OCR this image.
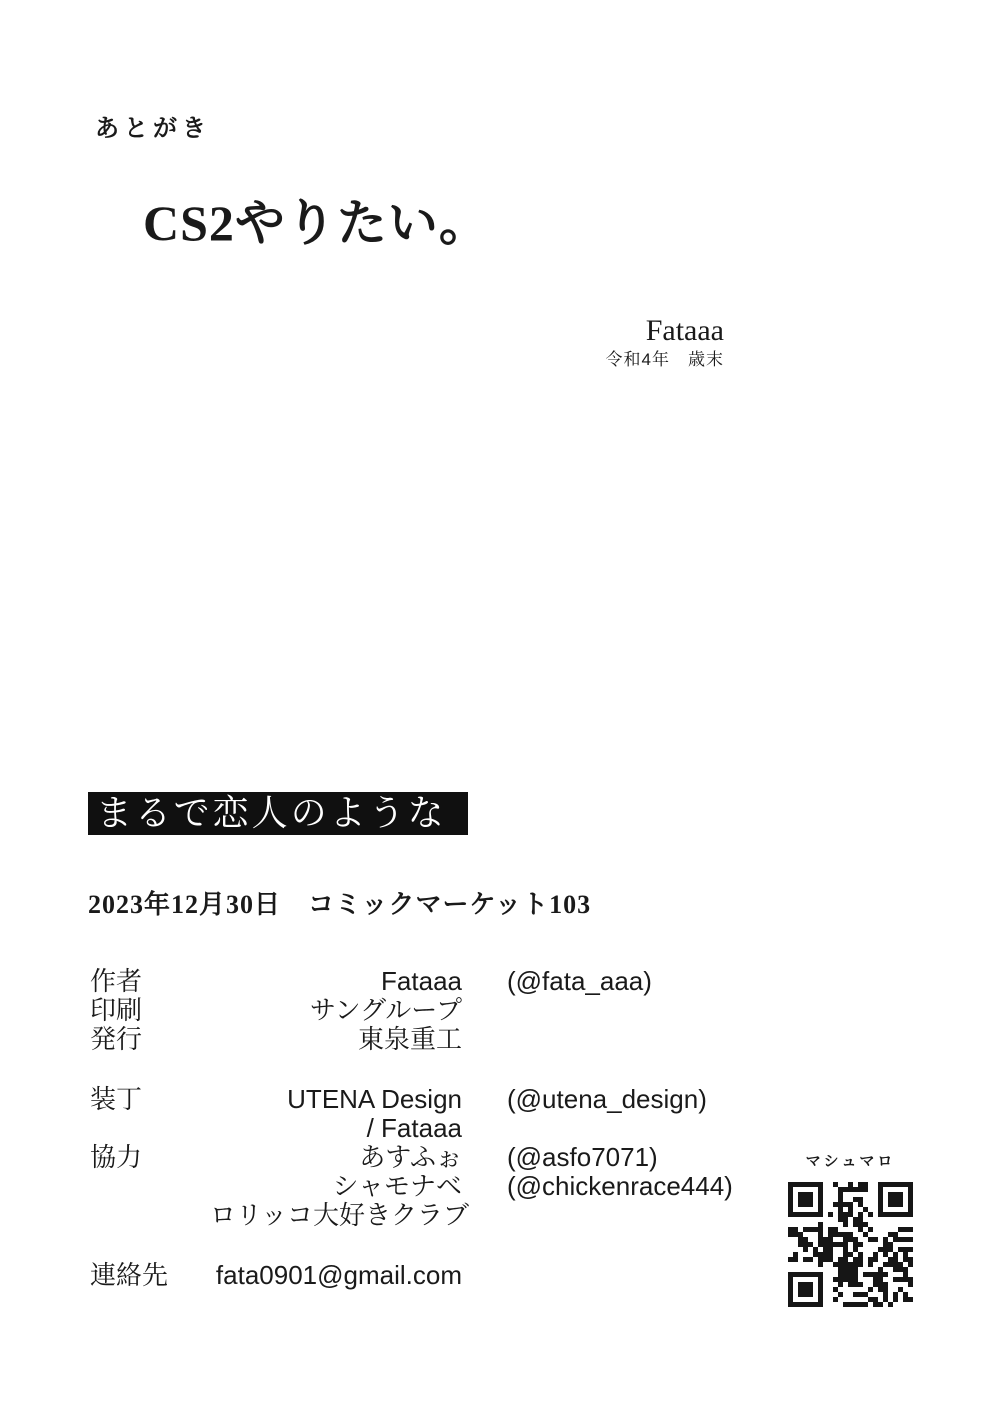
あとがき
CS2やりたい。
Fataaa
令和4年　歳末
まるで恋人のような
2023年12月30日　コミックマーケット103
作者	Fataaa (@fata_aaa)
印刷	サングループ
発行	東泉重工
装丁	UTENA Design (@utena_design)
/ Fataaa
協力	あすふぉ (@asfo7071)
シャモナベ (@chickenrace444)
ロリッコ大好きクラブ
連絡先	fata0901@gmail.com
マシュマロ
